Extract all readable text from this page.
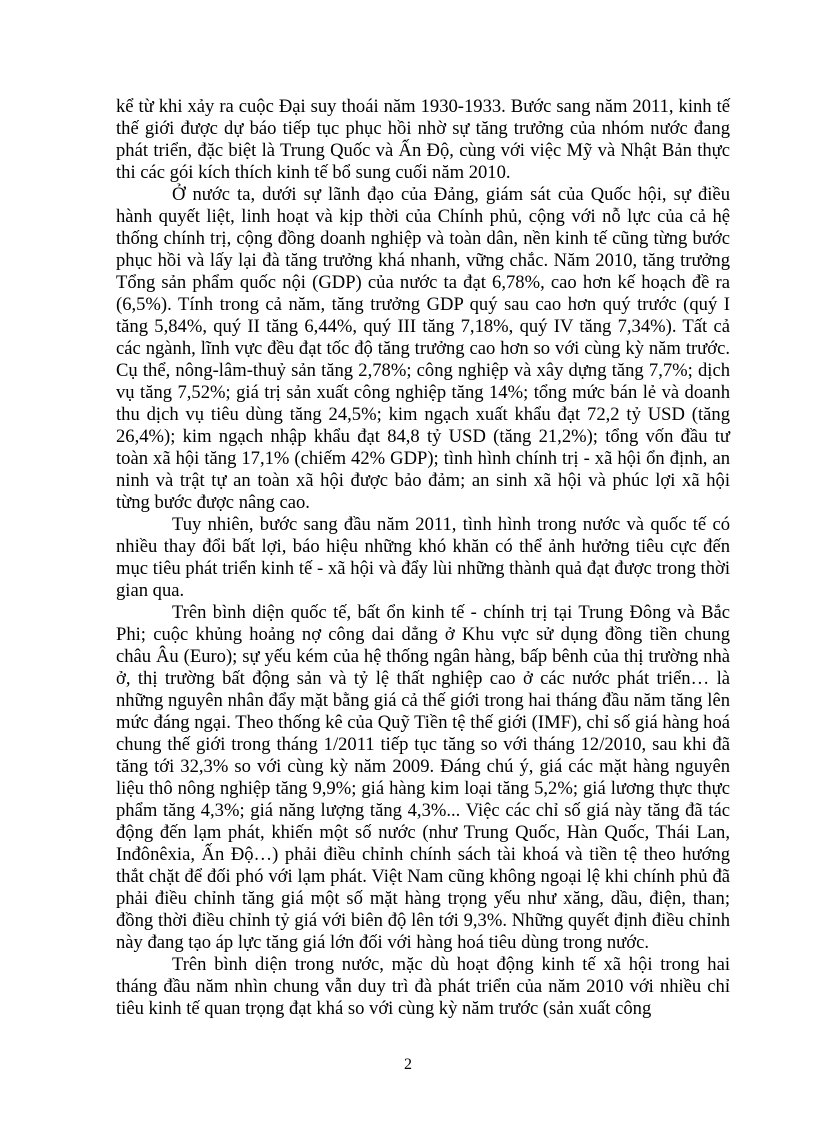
kể từ khi xảy ra cuộc Đại suy thoái năm 1930-1933. Bước sang năm 2011, kinh tế thế giới được dự báo tiếp tục phục hồi nhờ sự tăng trưởng của nhóm nước đang phát triển, đặc biệt là Trung Quốc và Ấn Độ, cùng với việc Mỹ và Nhật Bản thực thi các gói kích thích kinh tế bổ sung cuối năm 2010.

Ở nước ta, dưới sự lãnh đạo của Đảng, giám sát của Quốc hội, sự điều hành quyết liệt, linh hoạt và kịp thời của Chính phủ, cộng với nỗ lực của cả hệ thống chính trị, cộng đồng doanh nghiệp và toàn dân, nền kinh tế cũng từng bước phục hồi và lấy lại đà tăng trưởng khá nhanh, vững chắc. Năm 2010, tăng trưởng Tổng sản phẩm quốc nội (GDP) của nước ta đạt 6,78%, cao hơn kế hoạch đề ra (6,5%). Tính trong cả năm, tăng trưởng GDP quý sau cao hơn quý trước (quý I tăng 5,84%, quý II tăng 6,44%, quý III tăng 7,18%, quý IV tăng 7,34%). Tất cả các ngành, lĩnh vực đều đạt tốc độ tăng trưởng cao hơn so với cùng kỳ năm trước. Cụ thể, nông-lâm-thuỷ sản tăng 2,78%; công nghiệp và xây dựng tăng 7,7%; dịch vụ tăng 7,52%; giá trị sản xuất công nghiệp tăng 14%; tổng mức bán lẻ và doanh thu dịch vụ tiêu dùng tăng 24,5%; kim ngạch xuất khẩu đạt 72,2 tỷ USD (tăng 26,4%); kim ngạch nhập khẩu đạt 84,8 tỷ USD (tăng 21,2%); tổng vốn đầu tư toàn xã hội tăng 17,1% (chiếm 42% GDP); tình hình chính trị - xã hội ổn định, an ninh và trật tự an toàn xã hội được bảo đảm; an sinh xã hội và phúc lợi xã hội từng bước được nâng cao.

Tuy nhiên, bước sang đầu năm 2011, tình hình trong nước và quốc tế có nhiều thay đổi bất lợi, báo hiệu những khó khăn có thể ảnh hưởng tiêu cực đến mục tiêu phát triển kinh tế - xã hội và đẩy lùi những thành quả đạt được trong thời gian qua.

Trên bình diện quốc tế, bất ổn kinh tế - chính trị tại Trung Đông và Bắc Phi; cuộc khủng hoảng nợ công dai dẳng ở Khu vực sử dụng đồng tiền chung châu Âu (Euro); sự yếu kém của hệ thống ngân hàng, bấp bênh của thị trường nhà ở, thị trường bất động sản và tỷ lệ thất nghiệp cao ở các nước phát triển… là những nguyên nhân đẩy mặt bằng giá cả thế giới trong hai tháng đầu năm tăng lên mức đáng ngại. Theo thống kê của Quỹ Tiền tệ thế giới (IMF), chỉ số giá hàng hoá chung thế giới trong tháng 1/2011 tiếp tục tăng so với tháng 12/2010, sau khi đã tăng tới 32,3% so với cùng kỳ năm 2009. Đáng chú ý, giá các mặt hàng nguyên liệu thô nông nghiệp tăng 9,9%; giá hàng kim loại tăng 5,2%; giá lương thực thực phẩm tăng 4,3%; giá năng lượng tăng 4,3%... Việc các chỉ số giá này tăng đã tác động đến lạm phát, khiến một số nước (như Trung Quốc, Hàn Quốc, Thái Lan, Inđônêxia, Ấn Độ…) phải điều chỉnh chính sách tài khoá và tiền tệ theo hướng thắt chặt để đối phó với lạm phát. Việt Nam cũng không ngoại lệ khi chính phủ đã phải điều chỉnh tăng giá một số mặt hàng trọng yếu như xăng, dầu, điện, than; đồng thời điều chỉnh tỷ giá với biên độ lên tới 9,3%. Những quyết định điều chỉnh này đang tạo áp lực tăng giá lớn đối với hàng hoá tiêu dùng trong nước.

Trên bình diện trong nước, mặc dù hoạt động kinh tế xã hội trong hai tháng đầu năm nhìn chung vẫn duy trì đà phát triển của năm 2010 với nhiều chỉ tiêu kinh tế quan trọng đạt khá so với cùng kỳ năm trước (sản xuất công

2
